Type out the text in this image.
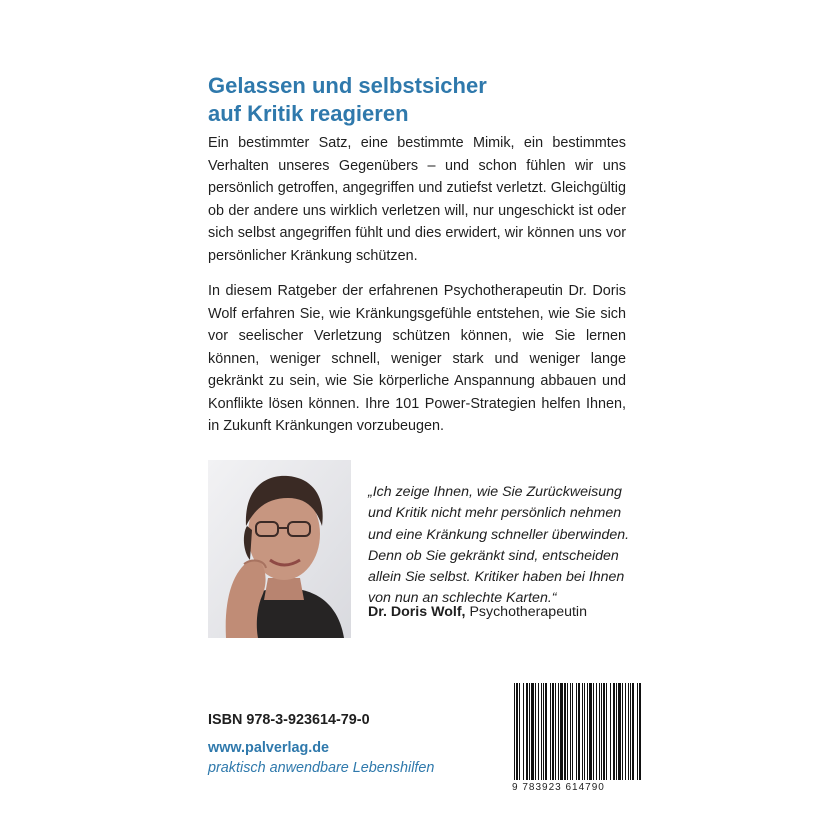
Gelassen und selbstsicher
auf Kritik reagieren

Ein bestimmter Satz, eine bestimmte Mimik, ein bestimmtes Verhalten unseres Gegenübers – und schon fühlen wir uns persönlich getroffen, angegriffen und zutiefst verletzt. Gleichgültig ob der andere uns wirklich verletzen will, nur ungeschickt ist oder sich selbst angegriffen fühlt und dies erwidert, wir können uns vor persönlicher Kränkung schützen.

In diesem Ratgeber der erfahrenen Psychotherapeutin Dr. Doris Wolf erfahren Sie, wie Kränkungsgefühle entstehen, wie Sie sich vor seelischer Verletzung schützen können, wie Sie lernen können, weniger schnell, weniger stark und weniger lange gekränkt zu sein, wie Sie körperliche Anspannung abbauen und Konflikte lösen können. Ihre 101 Power-Strategien helfen Ihnen, in Zukunft Kränkungen vorzubeugen.

„Ich zeige Ihnen, wie Sie Zurückweisung
und Kritik nicht mehr persönlich nehmen
und eine Kränkung schneller überwinden.
Denn ob Sie gekränkt sind, entscheiden
allein Sie selbst. Kritiker haben bei Ihnen
von nun an schlechte Karten.“
Dr. Doris Wolf, Psychotherapeutin
ISBN 978-3-923614-79-0
www.palverlag.de
praktisch anwendbare Lebenshilfen
9 783923 614790
